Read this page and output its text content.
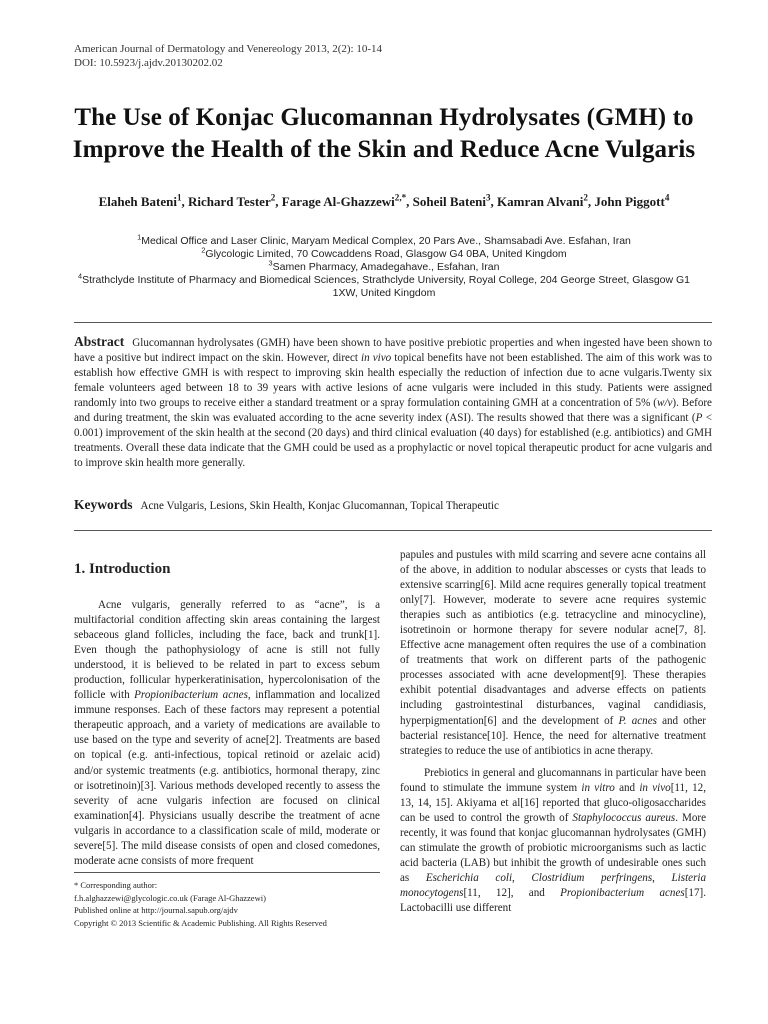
American Journal of Dermatology and Venereology 2013, 2(2): 10-14
DOI: 10.5923/j.ajdv.20130202.02
The Use of Konjac Glucomannan Hydrolysates (GMH) to
Improve the Health of the Skin and Reduce Acne Vulgaris
Elaheh Bateni$^1$, Richard Tester$^2$, Farage Al-Ghazzewi$^{2,*}$, Soheil Bateni$^3$, Kamran Alvani$^2$, John Piggott$^4$
$^1$Medical Office and Laser Clinic, Maryam Medical Complex, 20 Pars Ave., Shamsabadi Ave. Esfahan, Iran
$^2$Glycologic Limited, 70 Cowcaddens Road, Glasgow G4 0BA, United Kingdom
$^3$Samen Pharmacy, Amadegahave., Esfahan, Iran
$^4$Strathclyde Institute of Pharmacy and Biomedical Sciences, Strathclyde University, Royal College, 204 George Street, Glasgow G1 1XW, United Kingdom
Abstract Glucomannan hydrolysates (GMH) have been shown to have positive prebiotic properties and when ingested have been shown to have a positive but indirect impact on the skin. However, direct in vivo topical benefits have not been established. The aim of this work was to establish how effective GMH is with respect to improving skin health especially the reduction of infection due to acne vulgaris.Twenty six female volunteers aged between 18 to 39 years with active lesions of acne vulgaris were included in this study. Patients were assigned randomly into two groups to receive either a standard treatment or a spray formulation containing GMH at a concentration of 5% (w/v). Before and during treatment, the skin was evaluated according to the acne severity index (ASI). The results showed that there was a significant (P < 0.001) improvement of the skin health at the second (20 days) and third clinical evaluation (40 days) for established (e.g. antibiotics) and GMH treatments. Overall these data indicate that the GMH could be used as a prophylactic or novel topical therapeutic product for acne vulgaris and to improve skin health more generally.
Keywords Acne Vulgaris, Lesions, Skin Health, Konjac Glucomannan, Topical Therapeutic
1. Introduction

Acne vulgaris, generally referred to as “acne”, is a multifactorial condition affecting skin areas containing the largest sebaceous gland follicles, including the face, back and trunk[1]. Even though the pathophysiology of acne is still not fully understood, it is believed to be related in part to excess sebum production, follicular hyperkeratinisation, hypercolonisation of the follicle with Propionibacterium acnes, inflammation and localized immune responses. Each of these factors may represent a potential therapeutic approach, and a variety of medications are available to use based on the type and severity of acne[2]. Treatments are based on topical (e.g. anti-infectious, topical retinoid or azelaic acid) and/or systemic treatments (e.g. antibiotics, hormonal therapy, zinc or isotretinoin)[3]. Various methods developed recently to assess the severity of acne vulgaris infection are focused on clinical examination[4]. Physicians usually describe the treatment of acne vulgaris in accordance to a classification scale of mild, moderate or severe[5]. The mild disease consists of open and closed comedones, moderate acne consists of more frequent

papules and pustules with mild scarring and severe acne contains all of the above, in addition to nodular abscesses or cysts that leads to extensive scarring[6]. Mild acne requires generally topical treatment only[7]. However, moderate to severe acne requires systemic therapies such as antibiotics (e.g. tetracycline and minocycline), isotretinoin or hormone therapy for severe nodular acne[7, 8]. Effective acne management often requires the use of a combination of treatments that work on different parts of the pathogenic processes associated with acne development[9]. These therapies exhibit potential disadvantages and adverse effects on patients including gastrointestinal disturbances, vaginal candidiasis, hyperpigmentation[6] and the development of P. acnes and other bacterial resistance[10]. Hence, the need for alternative treatment strategies to reduce the use of antibiotics in acne therapy.

Prebiotics in general and glucomannans in particular have been found to stimulate the immune system in vitro and in vivo[11, 12, 13, 14, 15]. Akiyama et al[16] reported that gluco-oligosaccharides can be used to control the growth of Staphylococcus aureus. More recently, it was found that konjac glucomannan hydrolysates (GMH) can stimulate the growth of probiotic microorganisms such as lactic acid bacteria (LAB) but inhibit the growth of undesirable ones such as Escherichia coli, Clostridium perfringens, Listeria monocytogens[11, 12], and Propionibacterium acnes[17]. Lactobacilli use different

* Corresponding author:
f.h.alghazzewi@glycologic.co.uk (Farage Al-Ghazzewi)
Published online at http://journal.sapub.org/ajdv
Copyright © 2013 Scientific & Academic Publishing. All Rights Reserved
